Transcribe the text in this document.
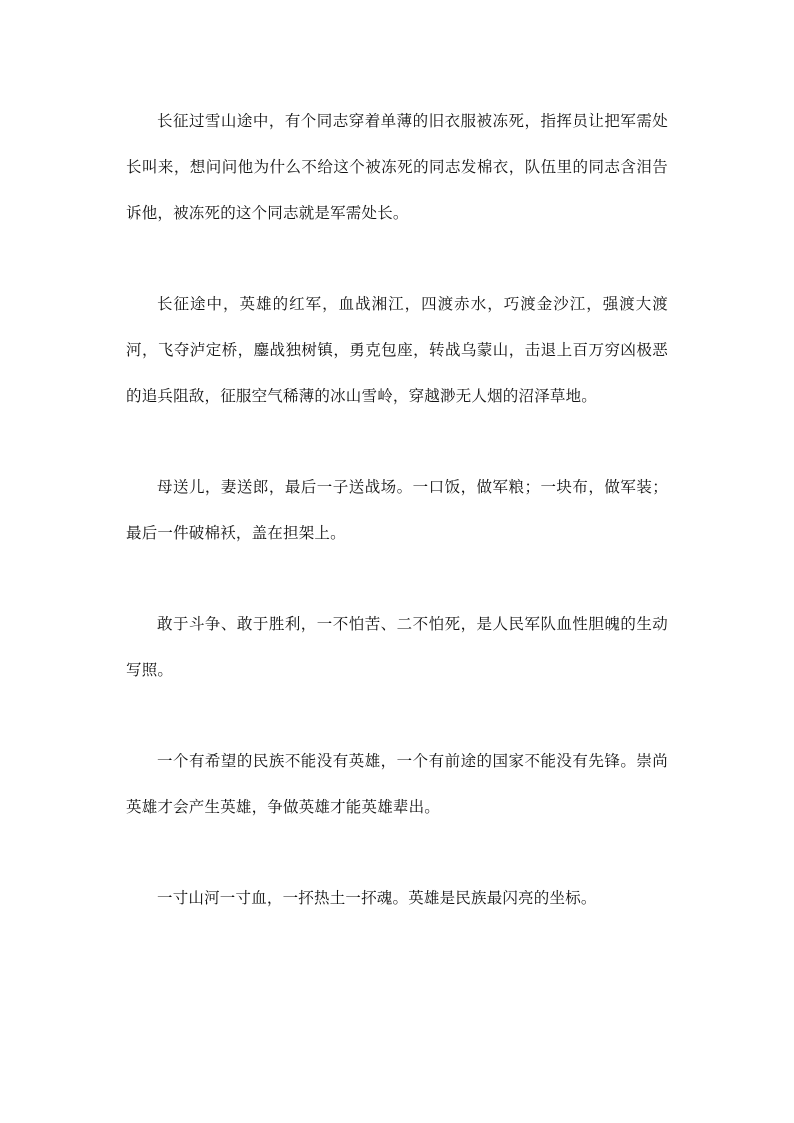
长征过雪山途中，有个同志穿着单薄的旧衣服被冻死，指挥员让把军需处长叫来，想问问他为什么不给这个被冻死的同志发棉衣，队伍里的同志含泪告诉他，被冻死的这个同志就是军需处长。

长征途中，英雄的红军，血战湘江，四渡赤水，巧渡金沙江，强渡大渡河，飞夺泸定桥，鏖战独树镇，勇克包座，转战乌蒙山，击退上百万穷凶极恶的追兵阻敌，征服空气稀薄的冰山雪岭，穿越渺无人烟的沼泽草地。

母送儿，妻送郎，最后一子送战场。一口饭，做军粮；一块布，做军装；最后一件破棉袄，盖在担架上。

敢于斗争、敢于胜利，一不怕苦、二不怕死，是人民军队血性胆魄的生动写照。

一个有希望的民族不能没有英雄，一个有前途的国家不能没有先锋。崇尚英雄才会产生英雄，争做英雄才能英雄辈出。

一寸山河一寸血，一抔热土一抔魂。英雄是民族最闪亮的坐标。
